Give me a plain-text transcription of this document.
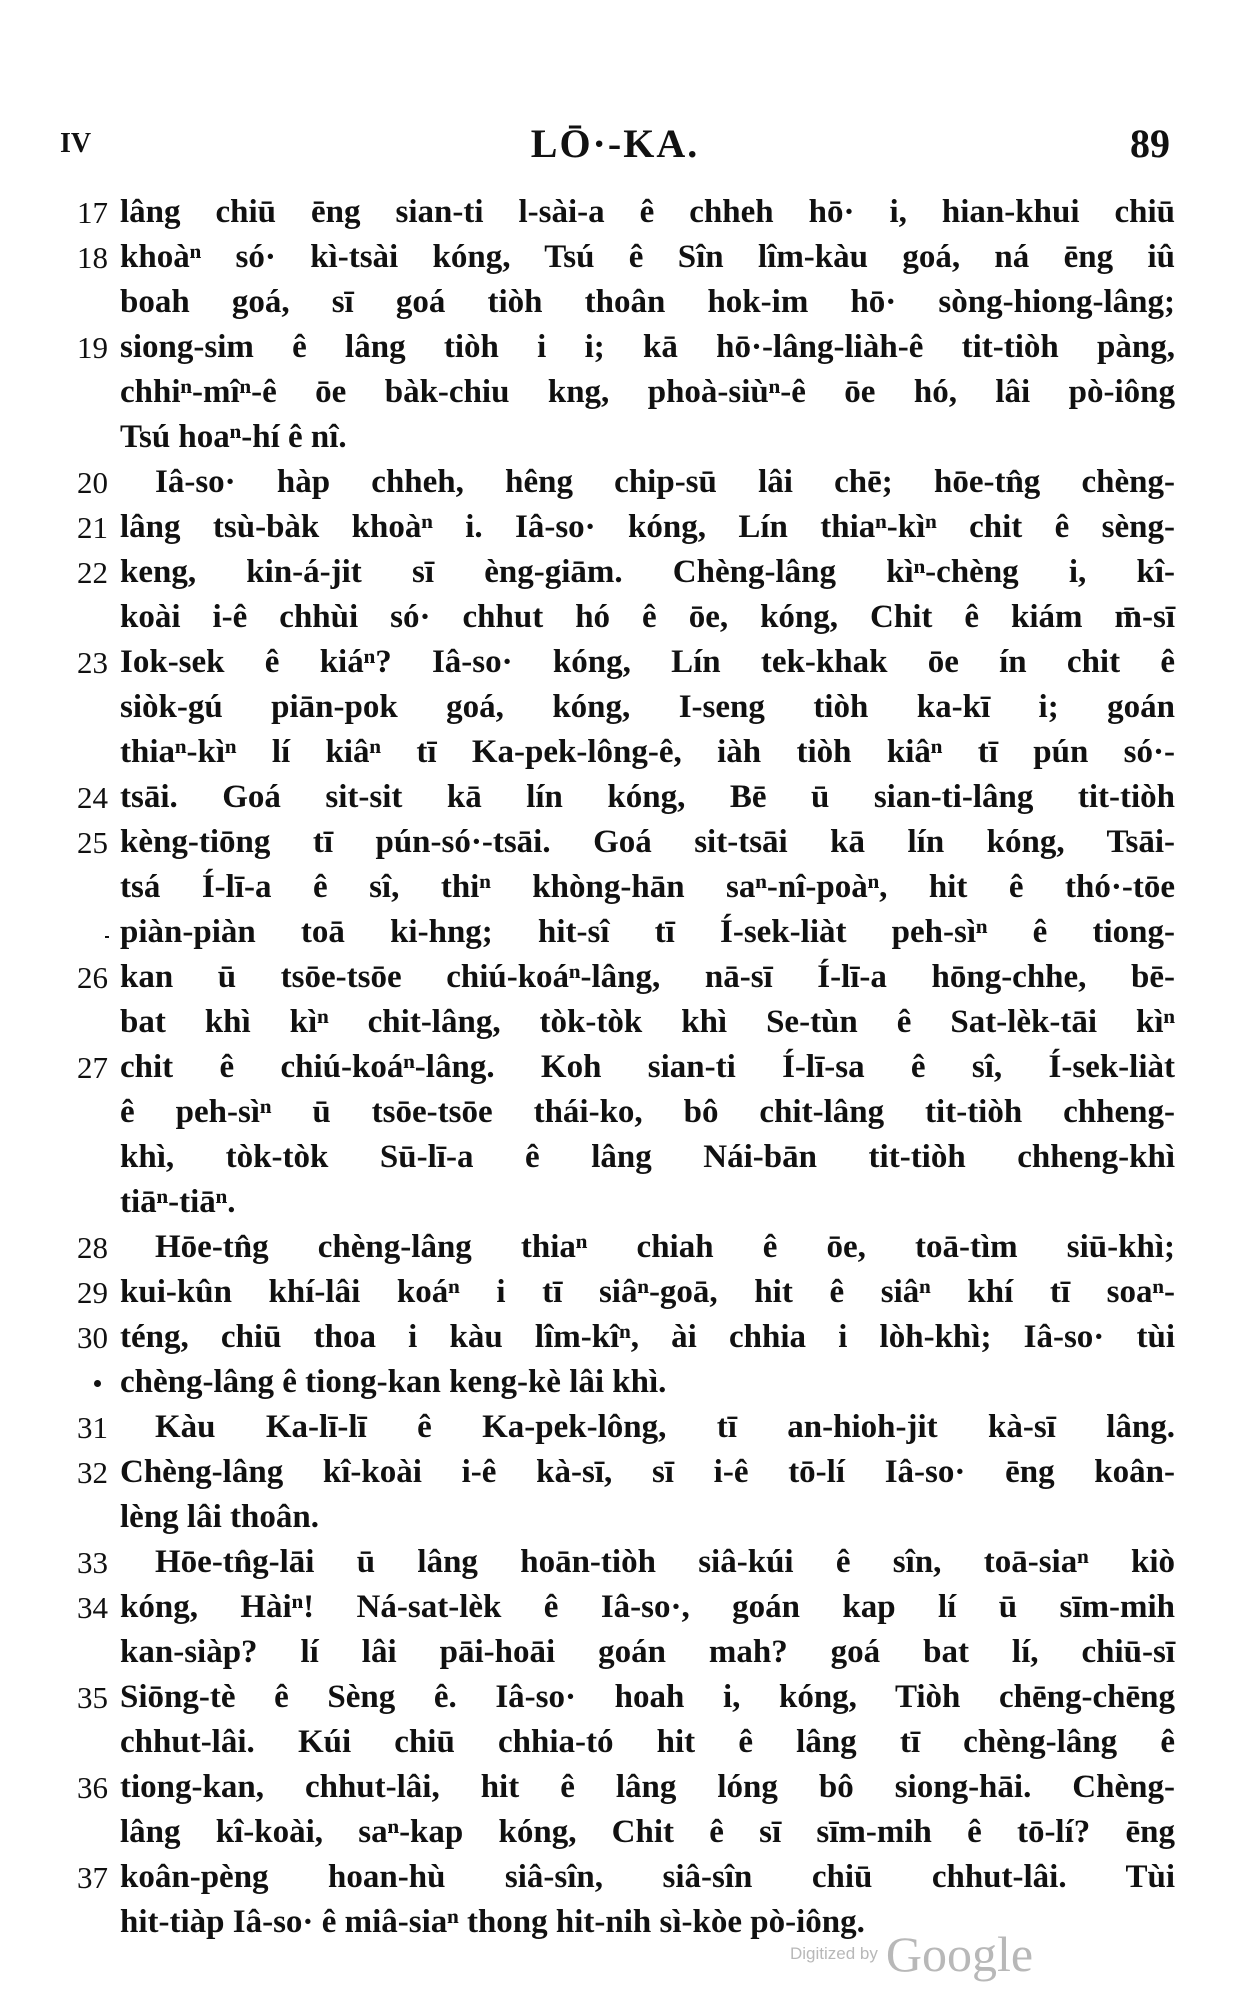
IV	LŌ·-KA.	89
17 lâng chiū ēng sian-ti l-sài-a ê chheh hō· i, hian-khui chiū
18 khoàⁿ só· kì-tsài kóng, Tsú ê Sîn lîm-kàu goá, ná ēng iû
boah goá, sī goá tiòh thoân hok-im hō· sòng-hiong-lâng;
19 siong-sim ê lâng tiòh i i; kā hō·-lâng-liàh-ê tit-tiòh pàng,
chhiⁿ-mîⁿ-ê ōe bàk-chiu kng, phoà-siùⁿ-ê ōe hó, lâi pò-iông
Tsú hoaⁿ-hí ê nî.
20 Iâ-so· hàp chheh, hêng chip-sū lâi chē; hōe-tn̂g chèng-
21 lâng tsù-bàk khoàⁿ i. Iâ-so· kóng, Lín thiaⁿ-kìⁿ chit ê sèng-
22 keng, kin-á-jit sī èng-giām. Chèng-lâng kìⁿ-chèng i, kî-
koài i-ê chhùi só· chhut hó ê ōe, kóng, Chit ê kiám m̄-sī
23 Iok-sek ê kiáⁿ? Iâ-so· kóng, Lín tek-khak ōe ín chit ê
siòk-gú piān-pok goá, kóng, I-seng tiòh ka-kī i; goán
thiaⁿ-kìⁿ lí kiâⁿ tī Ka-pek-lông-ê, iàh tiòh kiâⁿ tī pún só·-
24 tsāi. Goá sit-sit kā lín kóng, Bē ū sian-ti-lâng tit-tiòh
25 kèng-tiōng tī pún-só·-tsāi. Goá sit-tsāi kā lín kóng, Tsāi-
tsá Í-lī-a ê sî, thiⁿ khòng-hān saⁿ-nî-poàⁿ, hit ê thó·-tōe
piàn-piàn toā ki-hng; hit-sî tī Í-sek-liàt peh-sìⁿ ê tiong-
26 kan ū tsōe-tsōe chiú-koáⁿ-lâng, nā-sī Í-lī-a hōng-chhe, bē-
bat khì kìⁿ chit-lâng, tòk-tòk khì Se-tùn ê Sat-lèk-tāi kìⁿ
27 chit ê chiú-koáⁿ-lâng. Koh sian-ti Í-lī-sa ê sî, Í-sek-liàt
ê peh-sìⁿ ū tsōe-tsōe thái-ko, bô chit-lâng tit-tiòh chheng-
khì, tòk-tòk Sū-lī-a ê lâng Nái-bān tit-tiòh chheng-khì
tiāⁿ-tiāⁿ.
28 Hōe-tn̂g chèng-lâng thiaⁿ chiah ê ōe, toā-tìm siū-khì;
29 kui-kûn khí-lâi koáⁿ i tī siâⁿ-goā, hit ê siâⁿ khí tī soaⁿ-
30 téng, chiū thoa i kàu lîm-kîⁿ, ài chhia i lòh-khì; Iâ-so· tùi
chèng-lâng ê tiong-kan keng-kè lâi khì.
31 Kàu Ka-lī-lī ê Ka-pek-lông, tī an-hioh-jit kà-sī lâng.
32 Chèng-lâng kî-koài i-ê kà-sī, sī i-ê tō-lí Iâ-so· ēng koân-
lèng lâi thoân.
33 Hōe-tn̂g-lāi ū lâng hoān-tiòh siâ-kúi ê sîn, toā-siaⁿ kiò
34 kóng, Hàiⁿ! Ná-sat-lèk ê Iâ-so·, goán kap lí ū sīm-mih
kan-siàp? lí lâi pāi-hoāi goán mah? goá bat lí, chiū-sī
35 Siōng-tè ê Sèng ê. Iâ-so· hoah i, kóng, Tiòh chēng-chēng
chhut-lâi. Kúi chiū chhia-tó hit ê lâng tī chèng-lâng ê
36 tiong-kan, chhut-lâi, hit ê lâng lóng bô siong-hāi. Chèng-
lâng kî-koài, saⁿ-kap kóng, Chit ê sī sīm-mih ê tō-lí? ēng
37 koân-pèng hoan-hù siâ-sîn, siâ-sîn chiū chhut-lâi. Tùi
hit-tiàp Iâ-so· ê miâ-siaⁿ thong hit-nih sì-kòe pò-iông.
Digitized by Google
